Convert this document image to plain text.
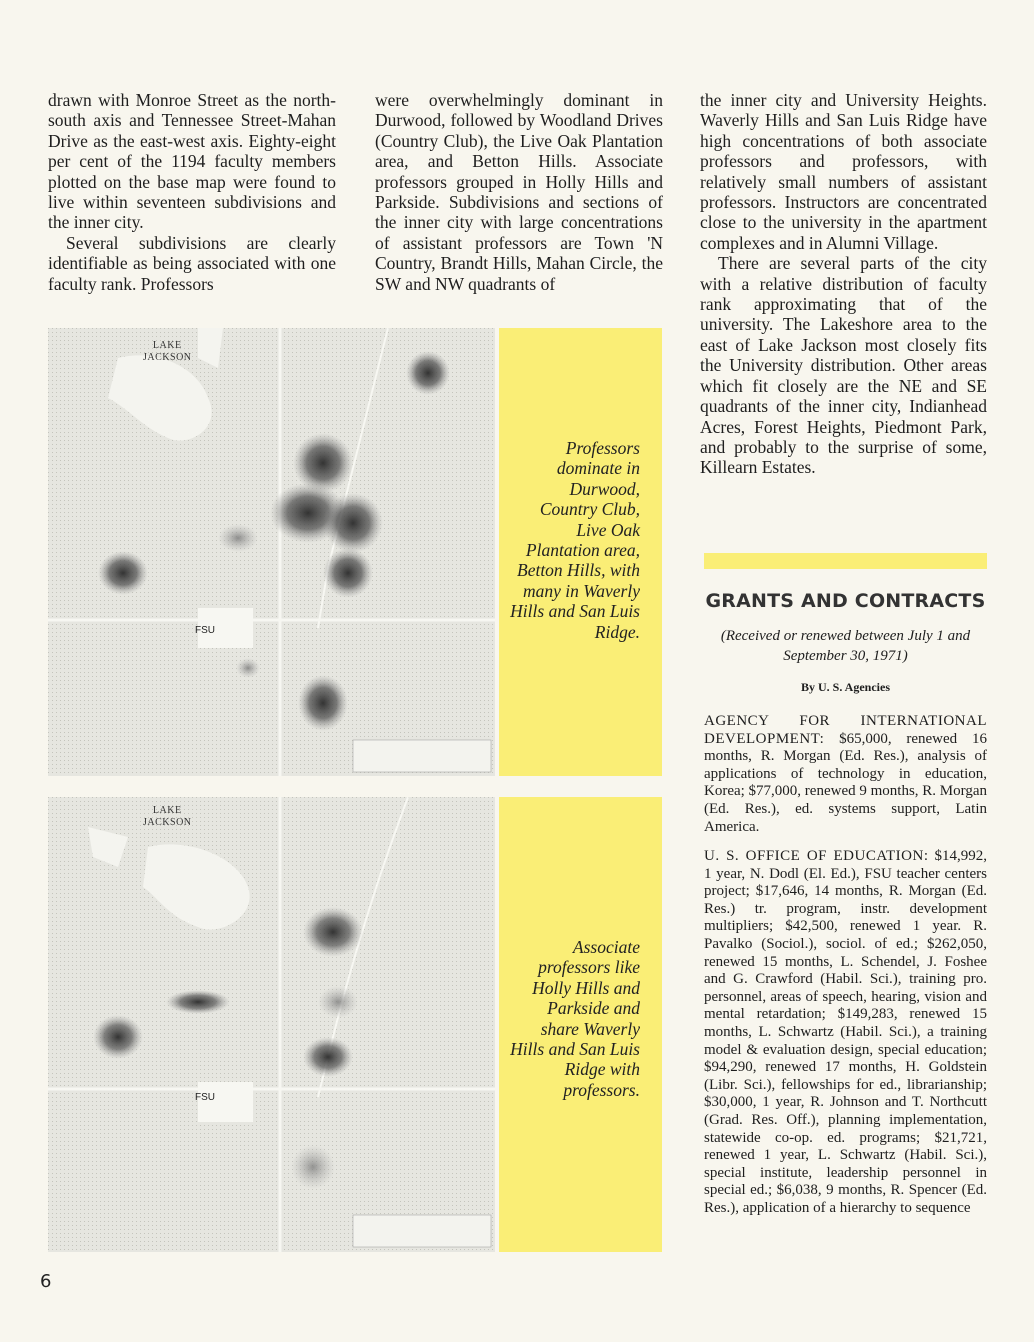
drawn with Monroe Street as the north-south axis and Tennessee Street-Mahan Drive as the east-west axis. Eighty-eight per cent of the 1194 faculty members plotted on the base map were found to live within seventeen subdivisions and the inner city.

Several subdivisions are clearly identifiable as being associated with one faculty rank. Professors

were overwhelmingly dominant in Durwood, followed by Woodland Drives (Country Club), the Live Oak Plantation area, and Betton Hills. Associate professors grouped in Holly Hills and Parkside. Subdivisions and sections of the inner city with large concentrations of assistant professors are Town 'N Country, Brandt Hills, Mahan Circle, the SW and NW quadrants of

the inner city and University Heights. Waverly Hills and San Luis Ridge have high concentrations of both associate professors and professors, with relatively small numbers of assistant professors. Instructors are concentrated close to the university in the apartment complexes and in Alumni Village.

There are several parts of the city with a relative distribution of faculty rank approximating that of the university. The Lakeshore area to the east of Lake Jackson most closely fits the University distribution. Other areas which fit closely are the NE and SE quadrants of the inner city, Indianhead Acres, Forest Heights, Piedmont Park, and probably to the surprise of some, Killearn Estates.

LAKE
JACKSON
FSU
Professors dominate in Durwood, Country Club, Live Oak Plantation area, Betton Hills, with many in Waverly Hills and San Luis Ridge.
LAKE
JACKSON
FSU
Associate professors like Holly Hills and Parkside and share Waverly Hills and San Luis Ridge with professors.
GRANTS AND CONTRACTS
(Received or renewed between July 1 and September 30, 1971)
By U. S. Agencies

AGENCY FOR INTERNATIONAL DEVELOPMENT: $65,000, renewed 16 months, R. Morgan (Ed. Res.), analysis of applications of technology in education, Korea; $77,000, renewed 9 months, R. Morgan (Ed. Res.), ed. systems support, Latin America.

U. S. OFFICE OF EDUCATION: $14,992, 1 year, N. Dodl (El. Ed.), FSU teacher centers project; $17,646, 14 months, R. Morgan (Ed. Res.) tr. program, instr. development multipliers; $42,500, renewed 1 year. R. Pavalko (Sociol.), sociol. of ed.; $262,050, renewed 15 months, L. Schendel, J. Foshee and G. Crawford (Habil. Sci.), training pro. personnel, areas of speech, hearing, vision and mental retardation; $149,283, renewed 15 months, L. Schwartz (Habil. Sci.), a training model & evaluation design, special education; $94,290, renewed 17 months, H. Goldstein (Libr. Sci.), fellowships for ed., librarianship; $30,000, 1 year, R. Johnson and T. Northcutt (Grad. Res. Off.), planning implementation, statewide co-op. ed. programs; $21,721, renewed 1 year, L. Schwartz (Habil. Sci.), special institute, leadership personnel in special ed.; $6,038, 9 months, R. Spencer (Ed. Res.), application of a hierarchy to sequence

6
